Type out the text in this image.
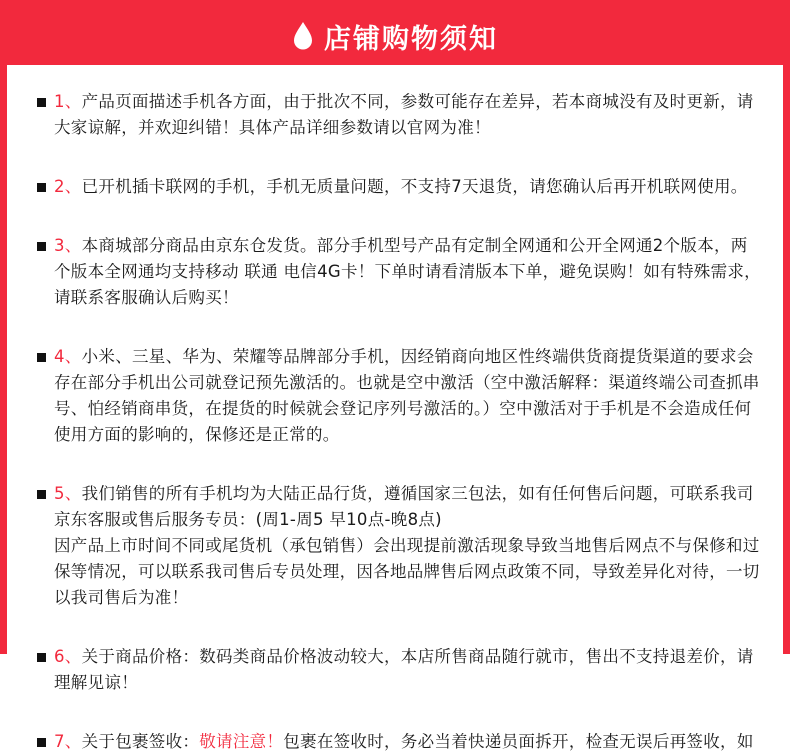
店铺购物须知
1、产品页面描述手机各方面，由于批次不同，参数可能存在差异，若本商城没有及时更新，请大家谅解，并欢迎纠错！具体产品详细参数请以官网为准！
2、已开机插卡联网的手机，手机无质量问题，不支持7天退货，请您确认后再开机联网使用。
3、本商城部分商品由京东仓发货。部分手机型号产品有定制全网通和公开全网通2个版本，两个版本全网通均支持移动 联通 电信4G卡！下单时请看清版本下单，避免误购！如有特殊需求，请联系客服确认后购买！
4、小米、三星、华为、荣耀等品牌部分手机，因经销商向地区性终端供货商提货渠道的要求会存在部分手机出公司就登记预先激活的。也就是空中激活（空中激活解释：渠道终端公司查抓串号、怕经销商串货，在提货的时候就会登记序列号激活的。）空中激活对于手机是不会造成任何使用方面的影响的，保修还是正常的。
5、我们销售的所有手机均为大陆正品行货，遵循国家三包法，如有任何售后问题，可联系我司京东客服或售后服务专员：(周1-周5 早10点-晚8点)
因产品上市时间不同或尾货机（承包销售）会出现提前激活现象导致当地售后网点不与保修和过保等情况，可以联系我司售后专员处理，因各地品牌售后网点政策不同，导致差异化对待，一切以我司售后为准！
6、关于商品价格：数码类商品价格波动较大，本店所售商品随行就市，售出不支持退差价，请理解见谅！
7、关于包裹签收：敬请注意！包裹在签收时，务必当着快递员面拆开，检查无误后再签收，如
